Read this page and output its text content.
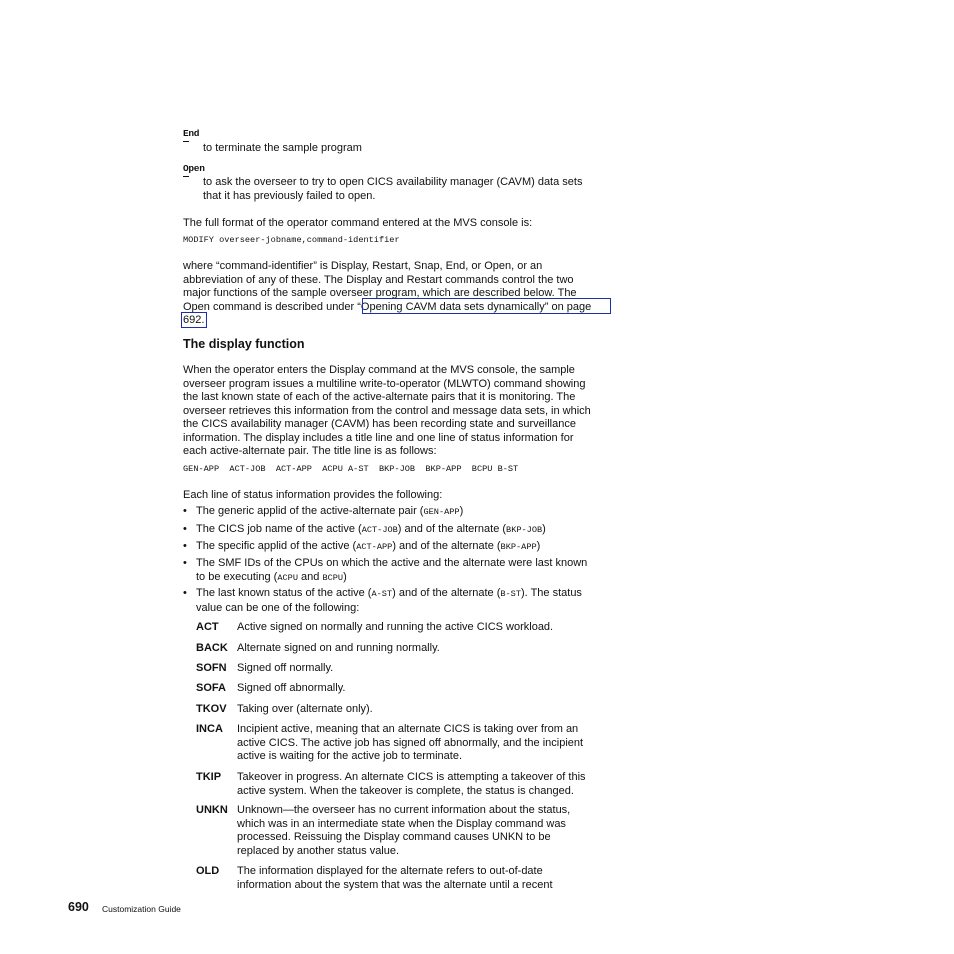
End
to terminate the sample program
Open
to ask the overseer to try to open CICS availability manager (CAVM) data sets
that it has previously failed to open.
The full format of the operator command entered at the MVS console is:
MODIFY overseer-jobname,command-identifier
where “command-identifier” is Display, Restart, Snap, End, or Open, or an
abbreviation of any of these. The Display and Restart commands control the two
major functions of the sample overseer program, which are described below. The
Open command is described under “Opening CAVM data sets dynamically” on page
692.
The display function
When the operator enters the Display command at the MVS console, the sample
overseer program issues a multiline write-to-operator (MLWTO) command showing
the last known state of each of the active-alternate pairs that it is monitoring. The
overseer retrieves this information from the control and message data sets, in which
the CICS availability manager (CAVM) has been recording state and surveillance
information. The display includes a title line and one line of status information for
each active-alternate pair. The title line is as follows:
GEN-APP  ACT-JOB  ACT-APP  ACPU A-ST  BKP-JOB  BKP-APP  BCPU B-ST
Each line of status information provides the following:
• The generic applid of the active-alternate pair (GEN-APP)
• The CICS job name of the active (ACT-JOB) and of the alternate (BKP-JOB)
• The specific applid of the active (ACT-APP) and of the alternate (BKP-APP)
• The SMF IDs of the CPUs on which the active and the alternate were last known
to be executing (ACPU and BCPU)
• The last known status of the active (A-ST) and of the alternate (B-ST). The status
value can be one of the following:
ACT Active signed on normally and running the active CICS workload.
BACK Alternate signed on and running normally.
SOFN Signed off normally.
SOFA Signed off abnormally.
TKOV Taking over (alternate only).
INCA Incipient active, meaning that an alternate CICS is taking over from an
active CICS. The active job has signed off abnormally, and the incipient
active is waiting for the active job to terminate.
TKIP Takeover in progress. An alternate CICS is attempting a takeover of this
active system. When the takeover is complete, the status is changed.
UNKN Unknown—the overseer has no current information about the status,
which was in an intermediate state when the Display command was
processed. Reissuing the Display command causes UNKN to be
replaced by another status value.
OLD The information displayed for the alternate refers to out-of-date
information about the system that was the alternate until a recent
690 Customization Guide
